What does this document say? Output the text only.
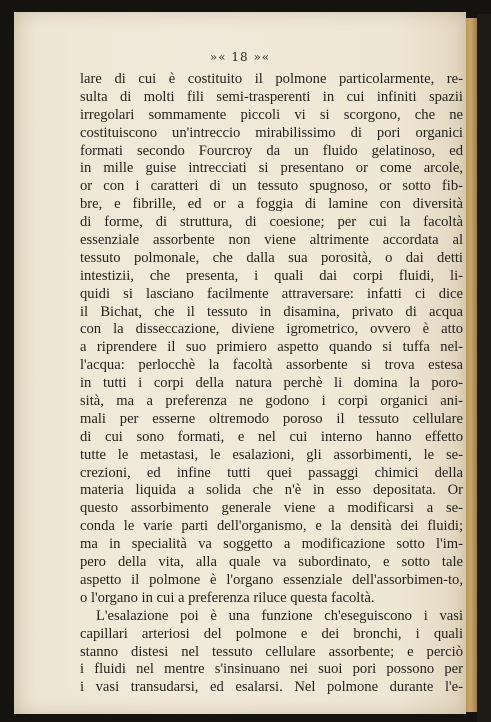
»« 18 »«
lare di cui è costituito il polmone particolarmente, re-
sulta di molti fili semi-trasperenti in cui infiniti spazii
irregolari sommamente piccoli vi si scorgono, che ne
costituiscono un'intreccio mirabilissimo di pori organici
formati secondo Fourcroy da un fluido gelatinoso, ed
in mille guise intrecciati si presentano or come arcole,
or con i caratteri di un tessuto spugnoso, or sotto fib-
bre, e fibrille, ed or a foggia di lamine con diversità
di forme, di struttura, di coesione; per cui la facoltà
essenziale assorbente non viene altrimente accordata al
tessuto polmonale, che dalla sua porosità, o dai detti
intestizii, che presenta, i quali dai corpi fluidi, li-
quidi si lasciano facilmente attraversare: infatti ci dice
il Bichat, che il tessuto in disamina, privato di acqua
con la disseccazione, diviene igrometrico, ovvero è atto
a riprendere il suo primiero aspetto quando si tuffa nel-
l'acqua: perlocchè la facoltà assorbente si trova estesa
in tutti i corpi della natura perchè li domina la poro-
sità, ma a preferenza ne godono i corpi organici ani-
mali per esserne oltremodo poroso il tessuto cellulare
di cui sono formati, e nel cui interno hanno effetto
tutte le metastasi, le esalazioni, gli assorbimenti, le se-
crezioni, ed infine tutti quei passaggi chimici della
materia liquida a solida che n'è in esso depositata. Or
questo assorbimento generale viene a modificarsi a se-
conda le varie parti dell'organismo, e la densità dei fluidi;
ma in specialità va soggetto a modificazione sotto l'im-
pero della vita, alla quale va subordinato, e sotto tale
aspetto il polmone è l'organo essenziale dell'assorbimen-to,
o l'organo in cui a preferenza riluce questa facoltà.
L'esalazione poi è una funzione ch'eseguiscono i vasi
capillari arteriosi del polmone e dei bronchi, i quali
stanno distesi nel tessuto cellulare assorbente; e perciò
i fluidi nel mentre s'insinuano nei suoi pori possono per
i vasi transudarsi, ed esalarsi. Nel polmone durante l'e-
